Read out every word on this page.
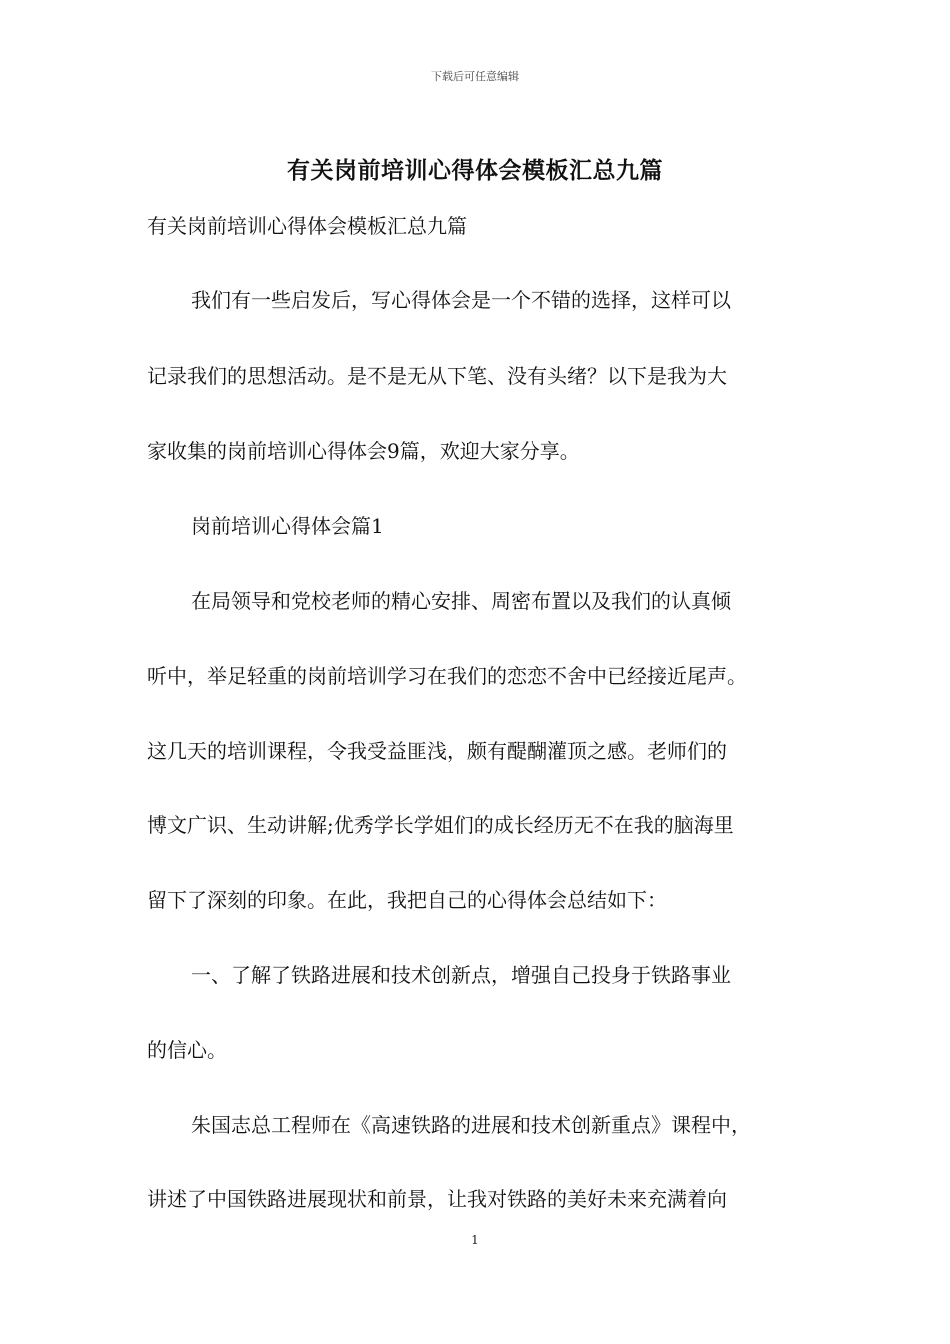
下载后可任意编辑
有关岗前培训心得体会模板汇总九篇
有关岗前培训心得体会模板汇总九篇
我们有一些启发后，写心得体会是一个不错的选择，这样可以
记录我们的思想活动。是不是无从下笔、没有头绪？以下是我为大
家收集的岗前培训心得体会9篇，欢迎大家分享。
岗前培训心得体会篇1
在局领导和党校老师的精心安排、周密布置以及我们的认真倾
听中，举足轻重的岗前培训学习在我们的恋恋不舍中已经接近尾声。
这几天的培训课程，令我受益匪浅，颇有醍醐灌顶之感。老师们的
博文广识、生动讲解;优秀学长学姐们的成长经历无不在我的脑海里
留下了深刻的印象。在此，我把自己的心得体会总结如下：
一、了解了铁路进展和技术创新点，增强自己投身于铁路事业
的信心。
朱国志总工程师在《高速铁路的进展和技术创新重点》课程中，
讲述了中国铁路进展现状和前景，让我对铁路的美好未来充满着向
1
